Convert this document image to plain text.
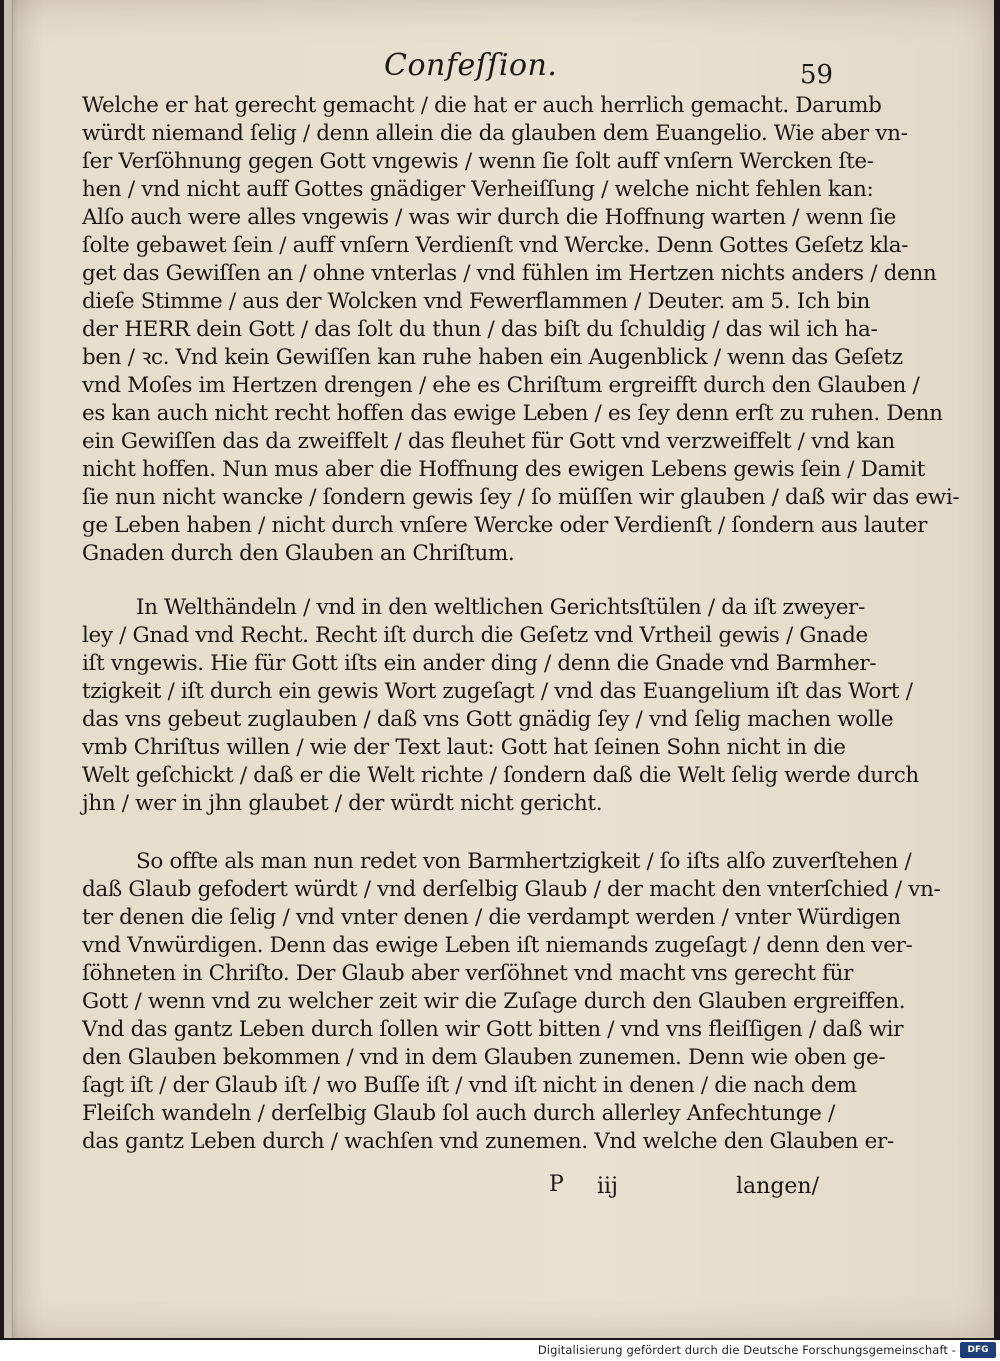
Confeſſion.	59
Welche er hat gerecht gemacht / die hat er auch herrlich gemacht. Darumb
würdt niemand ſelig / denn allein die da glauben dem Euangelio. Wie aber vn-
ſer Verſöhnung gegen Gott vngewis / wenn ſie ſolt auff vnſern Wercken ſte-
hen / vnd nicht auff Gottes gnädiger Verheiſſung / welche nicht fehlen kan:
Alſo auch were alles vngewis / was wir durch die Hoffnung warten / wenn ſie
ſolte gebawet ſein / auff vnſern Verdienſt vnd Wercke. Denn Gottes Geſetz kla-
get das Gewiſſen an / ohne vnterlas / vnd fühlen im Hertzen nichts anders / denn
dieſe Stimme / aus der Wolcken vnd Fewerflammen / Deuter. am 5. Ich bin
der HERR dein Gott / das ſolt du thun / das biſt du ſchuldig / das wil ich ha-
ben / ꝛc. Vnd kein Gewiſſen kan ruhe haben ein Augenblick / wenn das Geſetz
vnd Moſes im Hertzen drengen / ehe es Chriſtum ergreifft durch den Glauben /
es kan auch nicht recht hoffen das ewige Leben / es ſey denn erſt zu ruhen. Denn
ein Gewiſſen das da zweiffelt / das fleuhet für Gott vnd verzweiffelt / vnd kan
nicht hoffen. Nun mus aber die Hoffnung des ewigen Lebens gewis ſein / Damit
ſie nun nicht wancke / ſondern gewis ſey / ſo müſſen wir glauben / daß wir das ewi-
ge Leben haben / nicht durch vnſere Wercke oder Verdienſt / ſondern aus lauter
Gnaden durch den Glauben an Chriſtum.
In Welthändeln / vnd in den weltlichen Gerichtsſtülen / da iſt zweyer-
ley / Gnad vnd Recht. Recht iſt durch die Geſetz vnd Vrtheil gewis / Gnade
iſt vngewis. Hie für Gott iſts ein ander ding / denn die Gnade vnd Barmher-
tzigkeit / iſt durch ein gewis Wort zugeſagt / vnd das Euangelium iſt das Wort /
das vns gebeut zuglauben / daß vns Gott gnädig ſey / vnd ſelig machen wolle
vmb Chriſtus willen / wie der Text laut: Gott hat ſeinen Sohn nicht in die
Welt geſchickt / daß er die Welt richte / ſondern daß die Welt ſelig werde durch
jhn / wer in jhn glaubet / der würdt nicht gericht.
So offte als man nun redet von Barmhertzigkeit / ſo iſts alſo zuverſtehen /
daß Glaub gefodert würdt / vnd derſelbig Glaub / der macht den vnterſchied / vn-
ter denen die ſelig / vnd vnter denen / die verdampt werden / vnter Würdigen
vnd Vnwürdigen. Denn das ewige Leben iſt niemands zugeſagt / denn den ver-
ſöhneten in Chriſto. Der Glaub aber verſöhnet vnd macht vns gerecht für
Gott / wenn vnd zu welcher zeit wir die Zuſage durch den Glauben ergreiffen.
Vnd das gantz Leben durch ſollen wir Gott bitten / vnd vns fleiſſigen / daß wir
den Glauben bekommen / vnd in dem Glauben zunemen. Denn wie oben ge-
ſagt iſt / der Glaub iſt / wo Buſſe iſt / vnd iſt nicht in denen / die nach dem
Fleiſch wandeln / derſelbig Glaub ſol auch durch allerley Anfechtunge /
das gantz Leben durch / wachſen vnd zunemen. Vnd welche den Glauben er-
P iij	langen/
Digitalisierung gefördert durch die Deutsche Forschungsgemeinschaft -	DFG
